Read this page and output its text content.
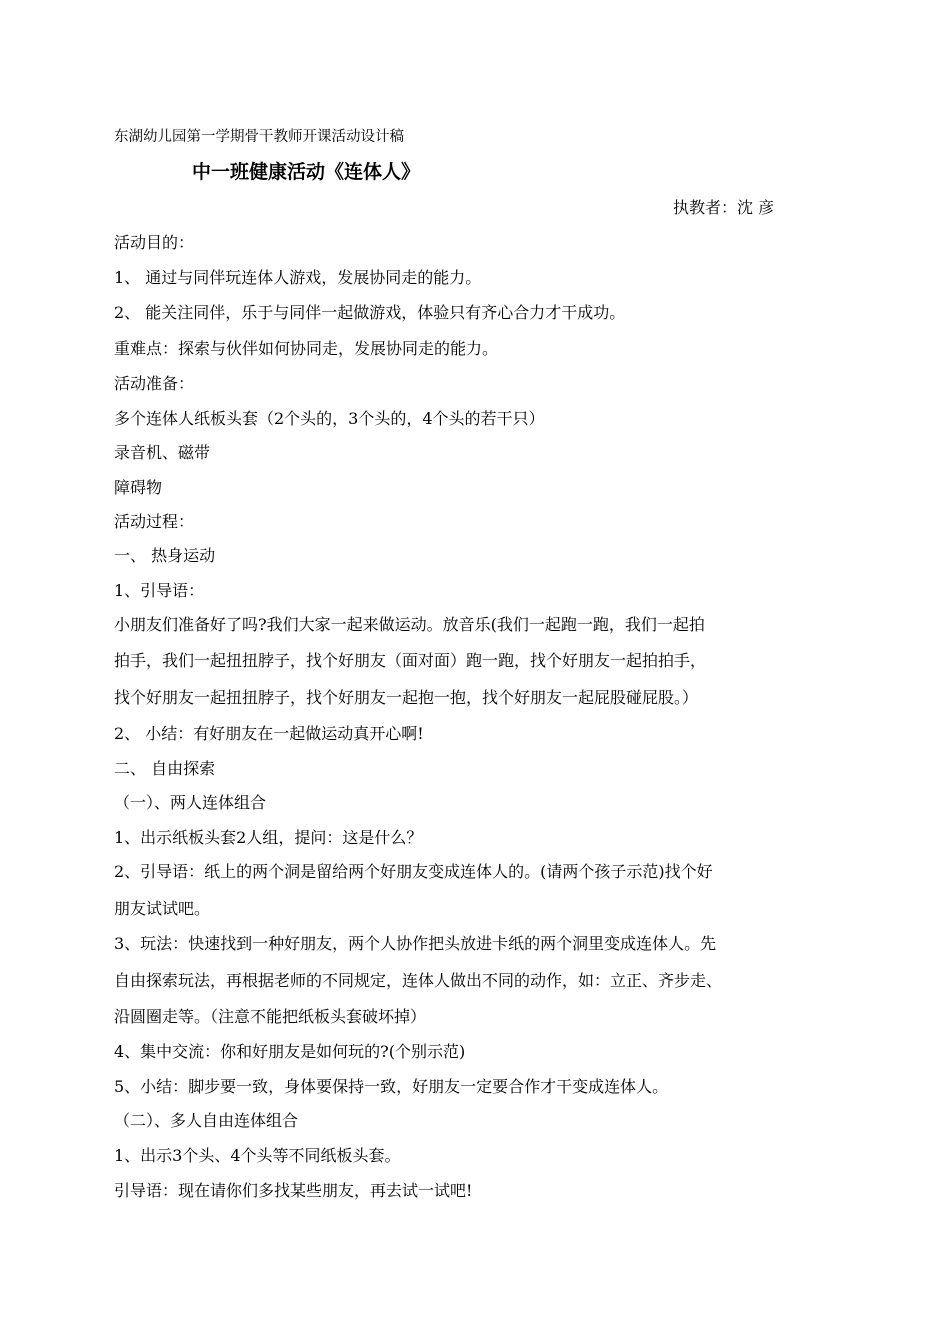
东湖幼儿园第一学期骨干教师开课活动设计稿
中一班健康活动《连体人》
执教者：沈 彦
活动目的：
1、 通过与同伴玩连体人游戏，发展协同走的能力。
2、 能关注同伴，乐于与同伴一起做游戏，体验只有齐心合力才干成功。
重难点：探索与伙伴如何协同走，发展协同走的能力。
活动准备：
多个连体人纸板头套（2个头的，3个头的，4个头的若干只）
录音机、磁带
障碍物
活动过程：
一、 热身运动
1、引导语：
小朋友们准备好了吗?我们大家一起来做运动。放音乐(我们一起跑一跑，我们一起拍
拍手，我们一起扭扭脖子，找个好朋友（面对面）跑一跑，找个好朋友一起拍拍手，
找个好朋友一起扭扭脖子，找个好朋友一起抱一抱，找个好朋友一起屁股碰屁股。）
2、 小结：有好朋友在一起做运动真开心啊!
二、 自由探索
（一）、两人连体组合
1、出示纸板头套2人组，提问：这是什么？
2、引导语：纸上的两个洞是留给两个好朋友变成连体人的。(请两个孩子示范)找个好
朋友试试吧。
3、玩法：快速找到一种好朋友，两个人协作把头放进卡纸的两个洞里变成连体人。先
自由探索玩法，再根据老师的不同规定，连体人做出不同的动作，如：立正、齐步走、
沿圆圈走等。（注意不能把纸板头套破坏掉）
4、集中交流：你和好朋友是如何玩的?(个别示范)
5、小结：脚步要一致，身体要保持一致，好朋友一定要合作才干变成连体人。
（二）、多人自由连体组合
1、出示3个头、4个头等不同纸板头套。
引导语：现在请你们多找某些朋友，再去试一试吧!
